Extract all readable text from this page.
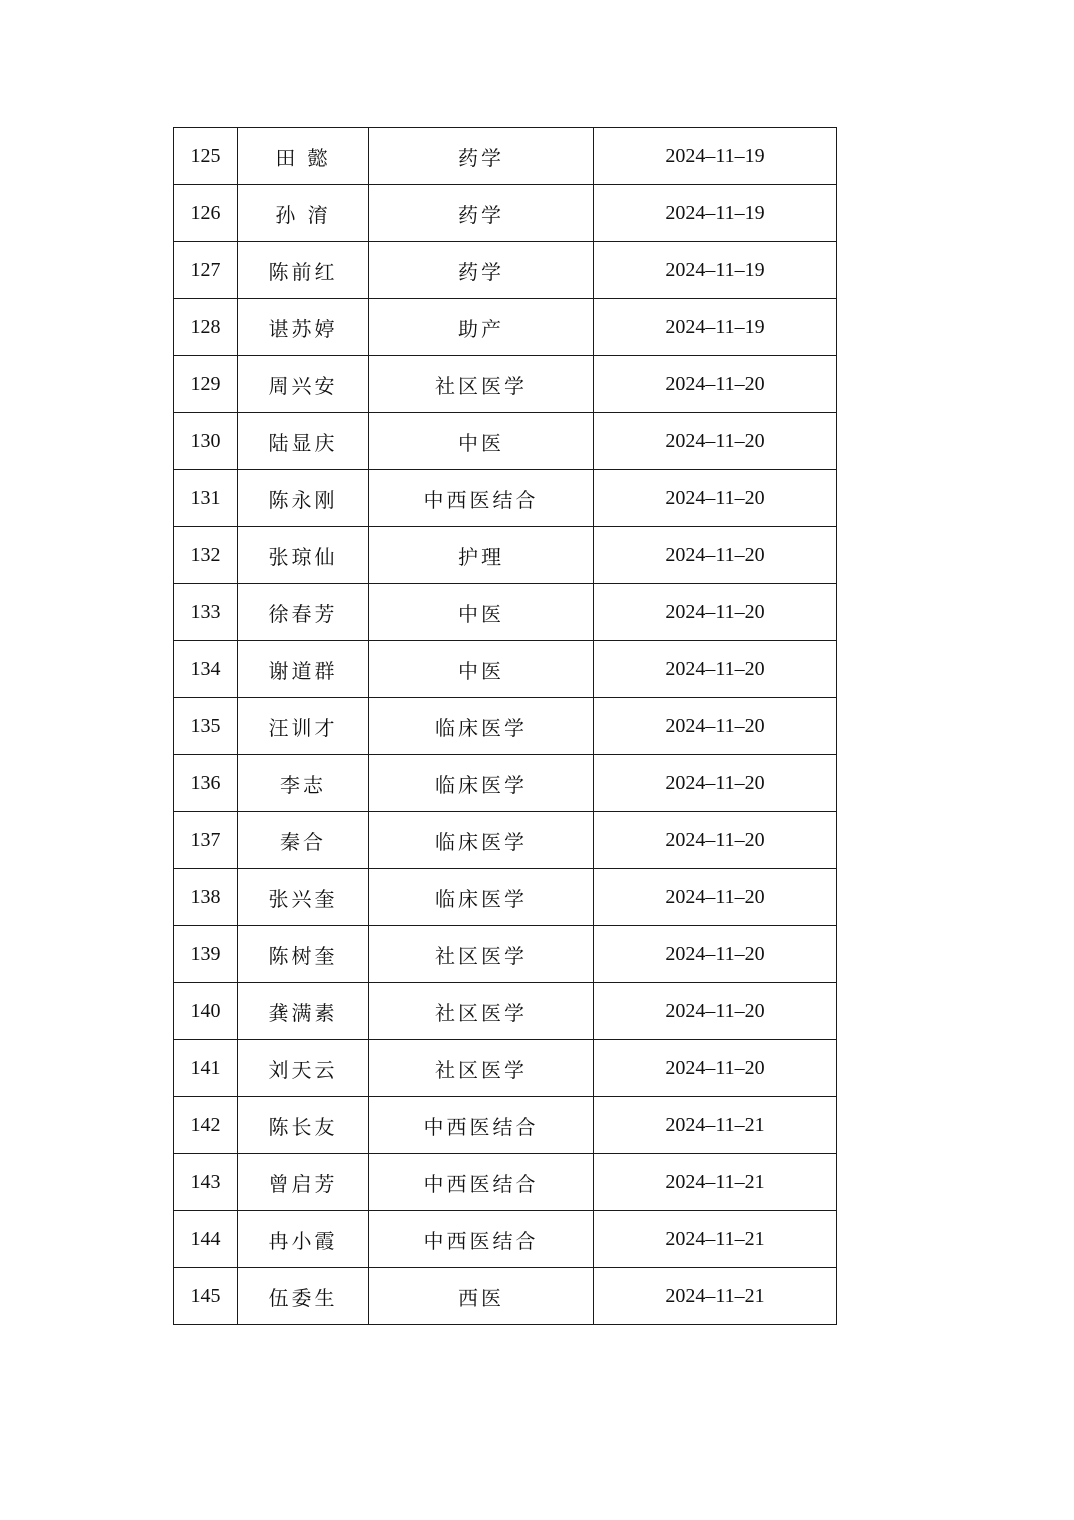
125	田 懿	药学	2024–11–19
126	孙 淯	药学	2024–11–19
127	陈前红	药学	2024–11–19
128	谌苏婷	助产	2024–11–19
129	周兴安	社区医学	2024–11–20
130	陆显庆	中医	2024–11–20
131	陈永刚	中西医结合	2024–11–20
132	张琼仙	护理	2024–11–20
133	徐春芳	中医	2024–11–20
134	谢道群	中医	2024–11–20
135	汪训才	临床医学	2024–11–20
136	李志	临床医学	2024–11–20
137	秦合	临床医学	2024–11–20
138	张兴奎	临床医学	2024–11–20
139	陈树奎	社区医学	2024–11–20
140	龚满素	社区医学	2024–11–20
141	刘天云	社区医学	2024–11–20
142	陈长友	中西医结合	2024–11–21
143	曾启芳	中西医结合	2024–11–21
144	冉小霞	中西医结合	2024–11–21
145	伍委生	西医	2024–11–21
